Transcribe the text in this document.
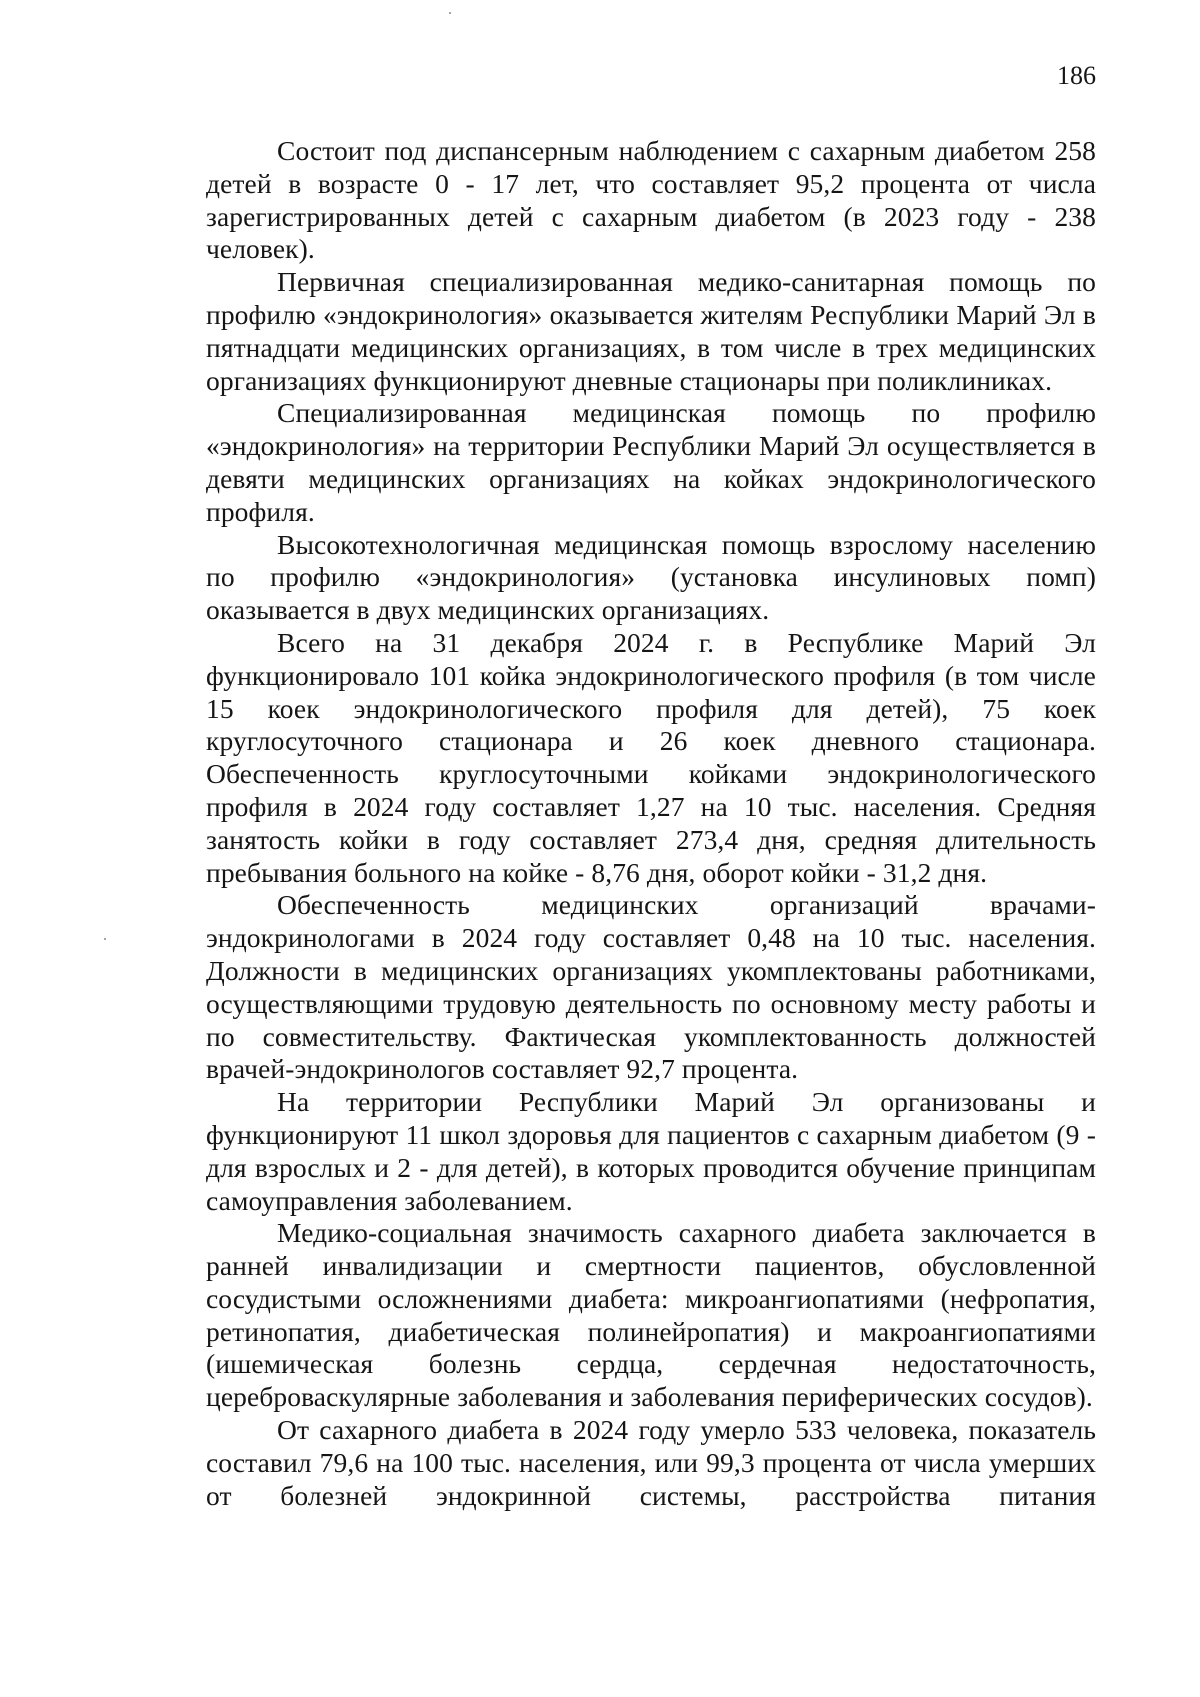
186

Состоит под диспансерным наблюдением с сахарным диабетом 258 детей в возрасте 0 - 17 лет, что составляет 95,2 процента от числа зарегистрированных детей с сахарным диабетом (в 2023 году - 238 человек).

Первичная специализированная медико-санитарная помощь по профилю «эндокринология» оказывается жителям Республики Марий Эл в пятнадцати медицинских организациях, в том числе в трех медицинских организациях функционируют дневные стационары при поликлиниках.

Специализированная медицинская помощь по профилю «эндокринология» на территории Республики Марий Эл осуществляется в девяти медицинских организациях на койках эндокринологического профиля.

Высокотехнологичная медицинская помощь взрослому населению по профилю «эндокринология» (установка инсулиновых помп) оказывается в двух медицинских организациях.

Всего на 31 декабря 2024 г. в Республике Марий Эл функционировало 101 койка эндокринологического профиля (в том числе 15 коек эндокринологического профиля для детей), 75 коек круглосуточного стационара и 26 коек дневного стационара. Обеспеченность круглосуточными койками эндокринологического профиля в 2024 году составляет 1,27 на 10 тыс. населения. Средняя занятость койки в году составляет 273,4 дня, средняя длительность пребывания больного на койке - 8,76 дня, оборот койки - 31,2 дня.

Обеспеченность медицинских организаций врачами-эндокринологами в 2024 году составляет 0,48 на 10 тыс. населения. Должности в медицинских организациях укомплектованы работниками, осуществляющими трудовую деятельность по основному месту работы и по совместительству. Фактическая укомплектованность должностей врачей-эндокринологов составляет 92,7 процента.

На территории Республики Марий Эл организованы и функционируют 11 школ здоровья для пациентов с сахарным диабетом (9 - для взрослых и 2 - для детей), в которых проводится обучение принципам самоуправления заболеванием.

Медико-социальная значимость сахарного диабета заключается в ранней инвалидизации и смертности пациентов, обусловленной сосудистыми осложнениями диабета: микроангиопатиями (нефропатия, ретинопатия, диабетическая полинейропатия) и макроангиопатиями (ишемическая болезнь сердца, сердечная недостаточность, цереброваскулярные заболевания и заболевания периферических сосудов).

От сахарного диабета в 2024 году умерло 533 человека, показатель составил 79,6 на 100 тыс. населения, или 99,3 процента от числа умерших от болезней эндокринной системы, расстройства питания
